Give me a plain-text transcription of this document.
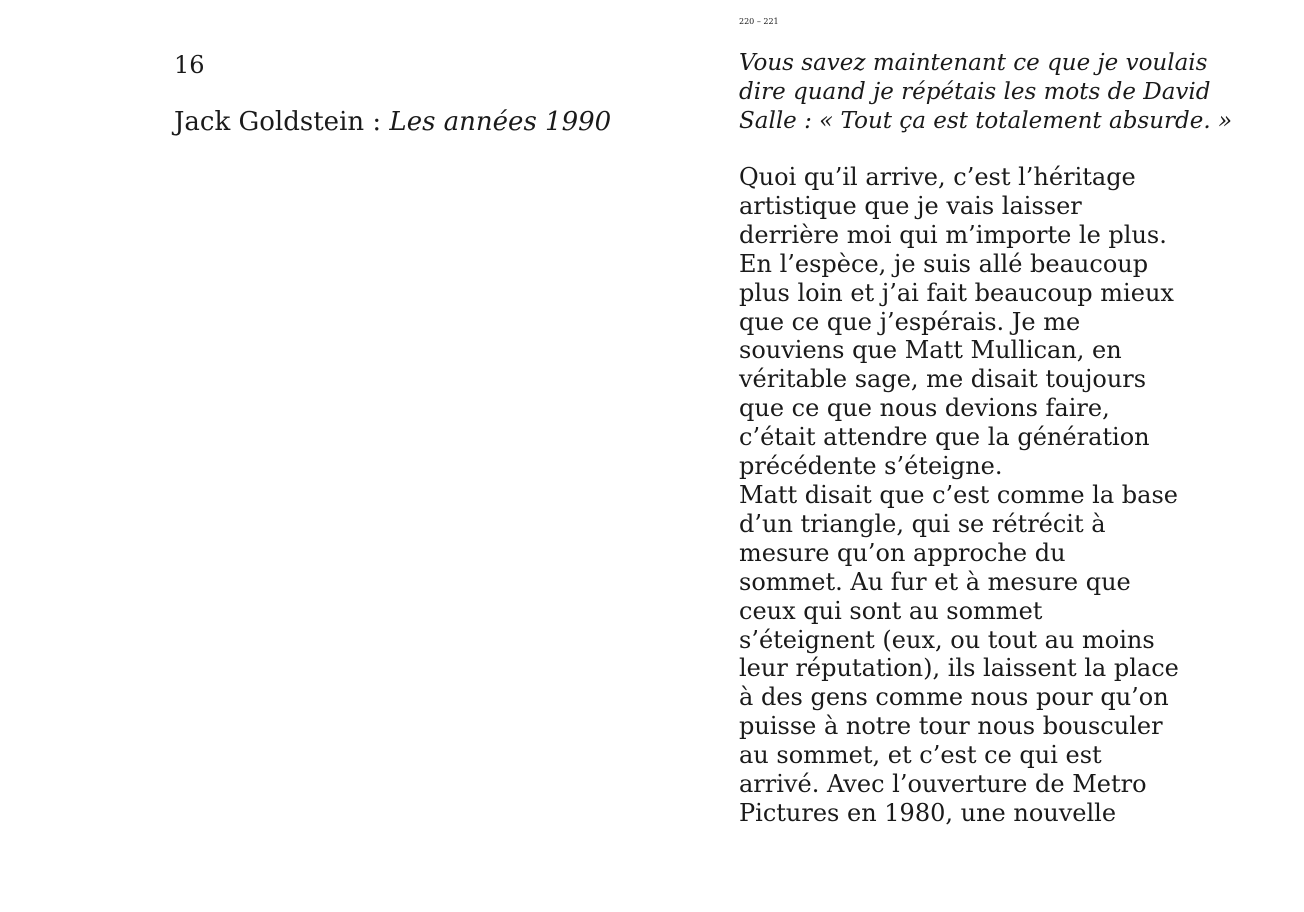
16
Jack Goldstein : Les années 1990
220 – 221
Vous savez maintenant ce que je voulais
dire quand je répétais les mots de David
Salle : « Tout ça est totalement absurde. »
Quoi qu’il arrive, c’est l’héritage
artistique que je vais laisser
derrière moi qui m’importe le plus.
En l’espèce, je suis allé beaucoup
plus loin et j’ai fait beaucoup mieux
que ce que j’espérais. Je me
souviens que Matt Mullican, en
véritable sage, me disait toujours
que ce que nous devions faire,
c’était attendre que la génération
précédente s’éteigne.
Matt disait que c’est comme la base
d’un triangle, qui se rétrécit à
mesure qu’on approche du
sommet. Au fur et à mesure que
ceux qui sont au sommet
s’éteignent (eux, ou tout au moins
leur réputation), ils laissent la place
à des gens comme nous pour qu’on
puisse à notre tour nous bousculer
au sommet, et c’est ce qui est
arrivé. Avec l’ouverture de Metro
Pictures en 1980, une nouvelle
